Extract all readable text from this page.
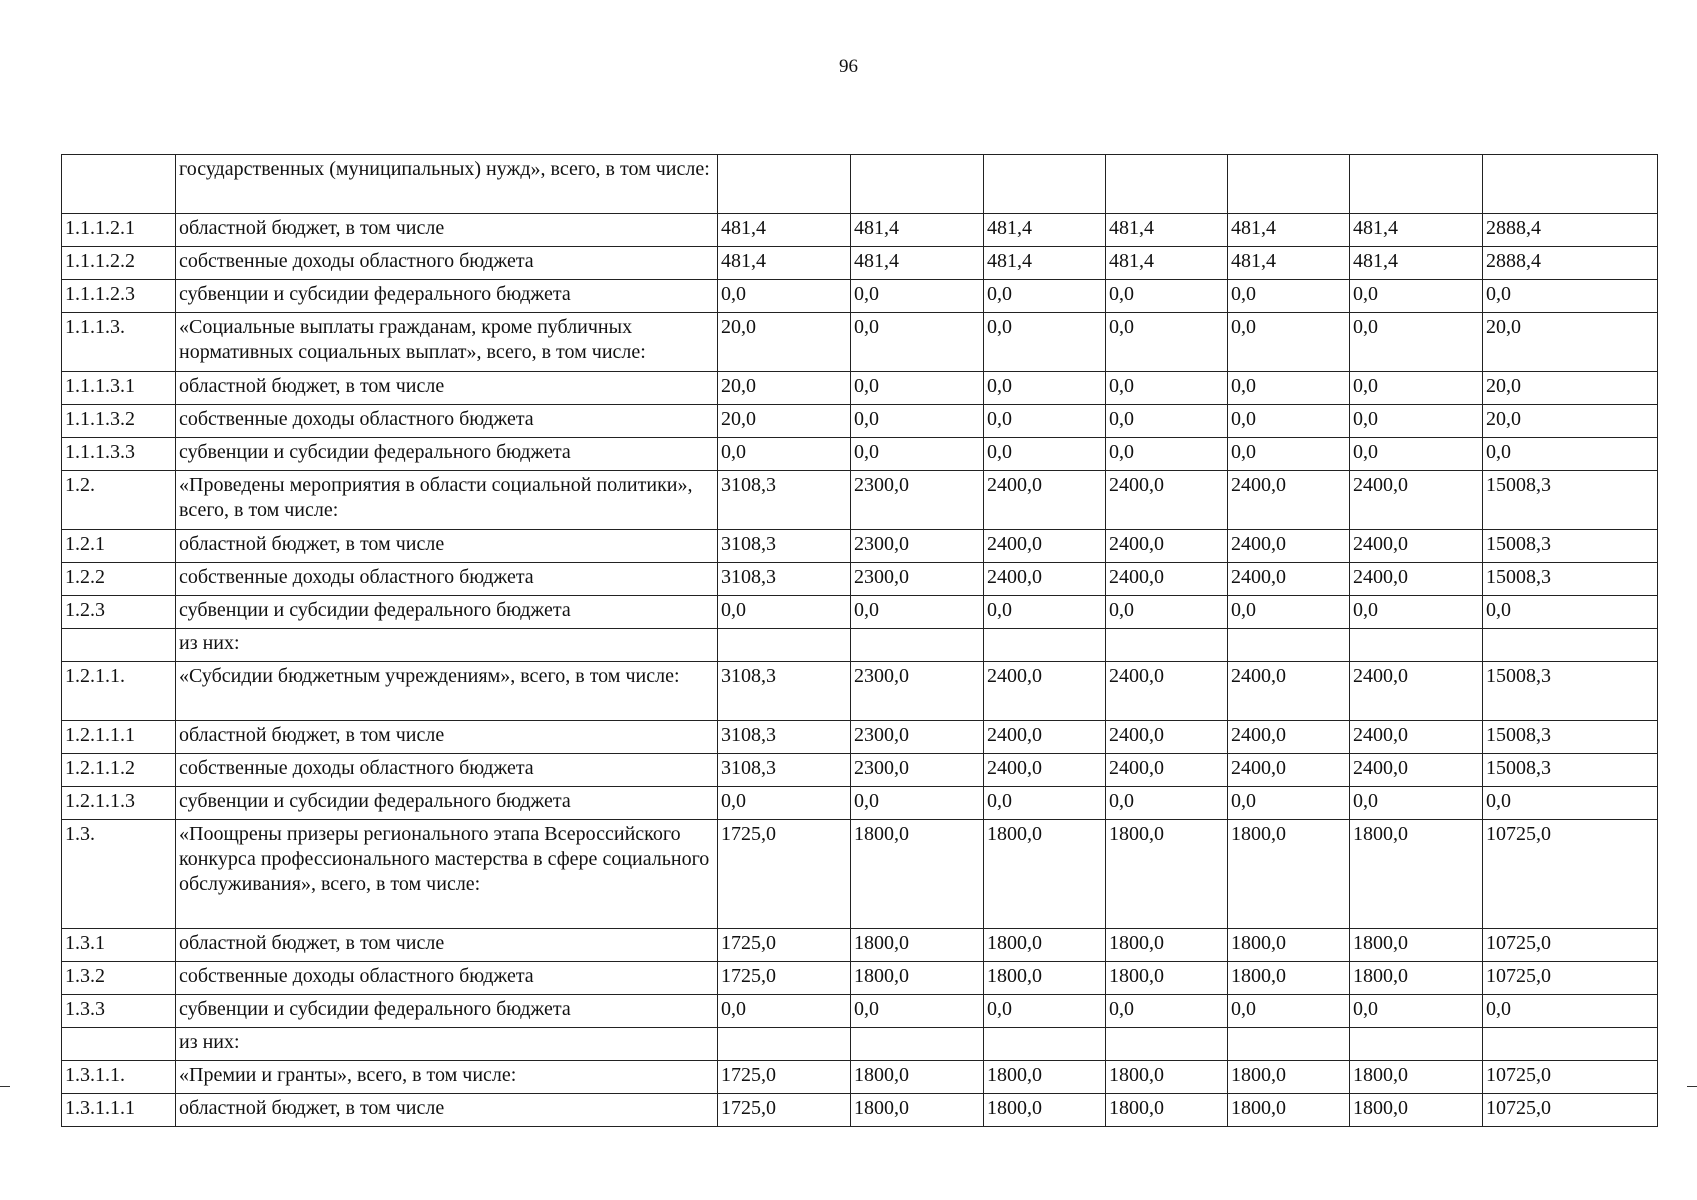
96
	государственных (муниципальных) нужд», всего, в том числе:							
1.1.1.2.1	областной бюджет, в том числе	481,4	481,4	481,4	481,4	481,4	481,4	2888,4
1.1.1.2.2	собственные доходы областного бюджета	481,4	481,4	481,4	481,4	481,4	481,4	2888,4
1.1.1.2.3	субвенции и субсидии федерального бюджета	0,0	0,0	0,0	0,0	0,0	0,0	0,0
1.1.1.3.	«Социальные выплаты гражданам, кроме публичных нормативных социальных выплат», всего, в том числе:	20,0	0,0	0,0	0,0	0,0	0,0	20,0
1.1.1.3.1	областной бюджет, в том числе	20,0	0,0	0,0	0,0	0,0	0,0	20,0
1.1.1.3.2	собственные доходы областного бюджета	20,0	0,0	0,0	0,0	0,0	0,0	20,0
1.1.1.3.3	субвенции и субсидии федерального бюджета	0,0	0,0	0,0	0,0	0,0	0,0	0,0
1.2.	«Проведены мероприятия в области социальной политики», всего, в том числе:	3108,3	2300,0	2400,0	2400,0	2400,0	2400,0	15008,3
1.2.1	областной бюджет, в том числе	3108,3	2300,0	2400,0	2400,0	2400,0	2400,0	15008,3
1.2.2	собственные доходы областного бюджета	3108,3	2300,0	2400,0	2400,0	2400,0	2400,0	15008,3
1.2.3	субвенции и субсидии федерального бюджета	0,0	0,0	0,0	0,0	0,0	0,0	0,0
	из них:							
1.2.1.1.	«Субсидии бюджетным учреждениям», всего, в том числе:	3108,3	2300,0	2400,0	2400,0	2400,0	2400,0	15008,3
1.2.1.1.1	областной бюджет, в том числе	3108,3	2300,0	2400,0	2400,0	2400,0	2400,0	15008,3
1.2.1.1.2	собственные доходы областного бюджета	3108,3	2300,0	2400,0	2400,0	2400,0	2400,0	15008,3
1.2.1.1.3	субвенции и субсидии федерального бюджета	0,0	0,0	0,0	0,0	0,0	0,0	0,0
1.3.	«Поощрены призеры регионального этапа Всероссийского конкурса профессионального мастерства в сфере социального обслуживания», всего, в том числе:	1725,0	1800,0	1800,0	1800,0	1800,0	1800,0	10725,0
1.3.1	областной бюджет, в том числе	1725,0	1800,0	1800,0	1800,0	1800,0	1800,0	10725,0
1.3.2	собственные доходы областного бюджета	1725,0	1800,0	1800,0	1800,0	1800,0	1800,0	10725,0
1.3.3	субвенции и субсидии федерального бюджета	0,0	0,0	0,0	0,0	0,0	0,0	0,0
	из них:							
1.3.1.1.	«Премии и гранты», всего, в том числе:	1725,0	1800,0	1800,0	1800,0	1800,0	1800,0	10725,0
1.3.1.1.1	областной бюджет, в том числе	1725,0	1800,0	1800,0	1800,0	1800,0	1800,0	10725,0
